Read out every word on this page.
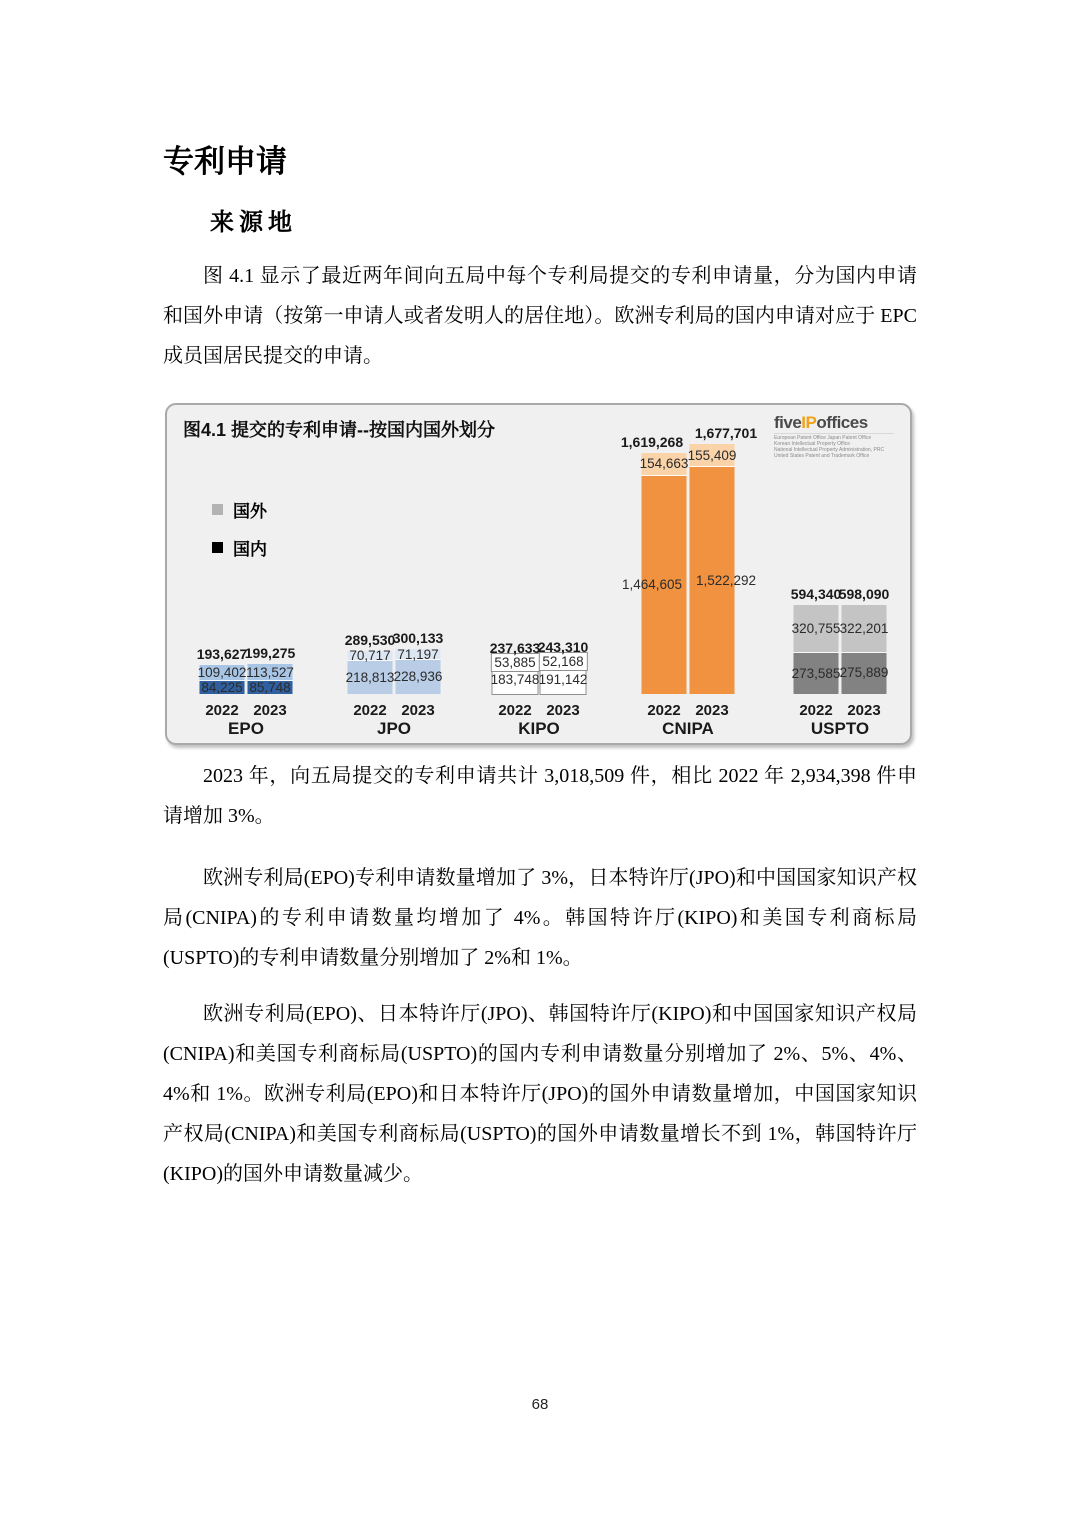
专利申请
来源地

图 4.1 显示了最近两年间向五局中每个专利局提交的专利申请量，分为国内申请和国外申请（按第一申请人或者发明人的居住地）。欧洲专利局的国内申请对应于 EPC 成员国居民提交的申请。

图4.1 提交的专利申请--按国内国外划分	fiveIPoffices
European Patent Office Japan Patent Office
Korean Intellectual Property Office
National Intellectual Property Administration, PRC
United States Patent and Trademark Office
国外
国内
193,627
109,402
84,225
2022
199,275
113,527
85,748
2023
EPO
289,530
70,717
218,813
2022
300,133
71,197
228,936
2023
JPO
237,633
53,885
183,748
2022
243,310
52,168
191,142
2023
KIPO
1,619,268
154,663
1,464,605
2022
1,677,701
155,409
1,522,292
2023
CNIPA
594,340
320,755
273,585
2022
598,090
322,201
275,889
2023
USPTO

2023 年，向五局提交的专利申请共计 3,018,509 件，相比 2022 年 2,934,398 件申请增加 3%。

欧洲专利局(EPO)专利申请数量增加了 3%，日本特许厅(JPO)和中国国家知识产权局(CNIPA)的专利申请数量均增加了 4%。韩国特许厅(KIPO)和美国专利商标局(USPTO)的专利申请数量分别增加了 2%和 1%。

欧洲专利局(EPO)、日本特许厅(JPO)、韩国特许厅(KIPO)和中国国家知识产权局(CNIPA)和美国专利商标局(USPTO)的国内专利申请数量分别增加了 2%、5%、4%、4%和 1%。欧洲专利局(EPO)和日本特许厅(JPO)的国外申请数量增加，中国国家知识产权局(CNIPA)和美国专利商标局(USPTO)的国外申请数量增长不到 1%，韩国特许厅(KIPO)的国外申请数量减少。

68
